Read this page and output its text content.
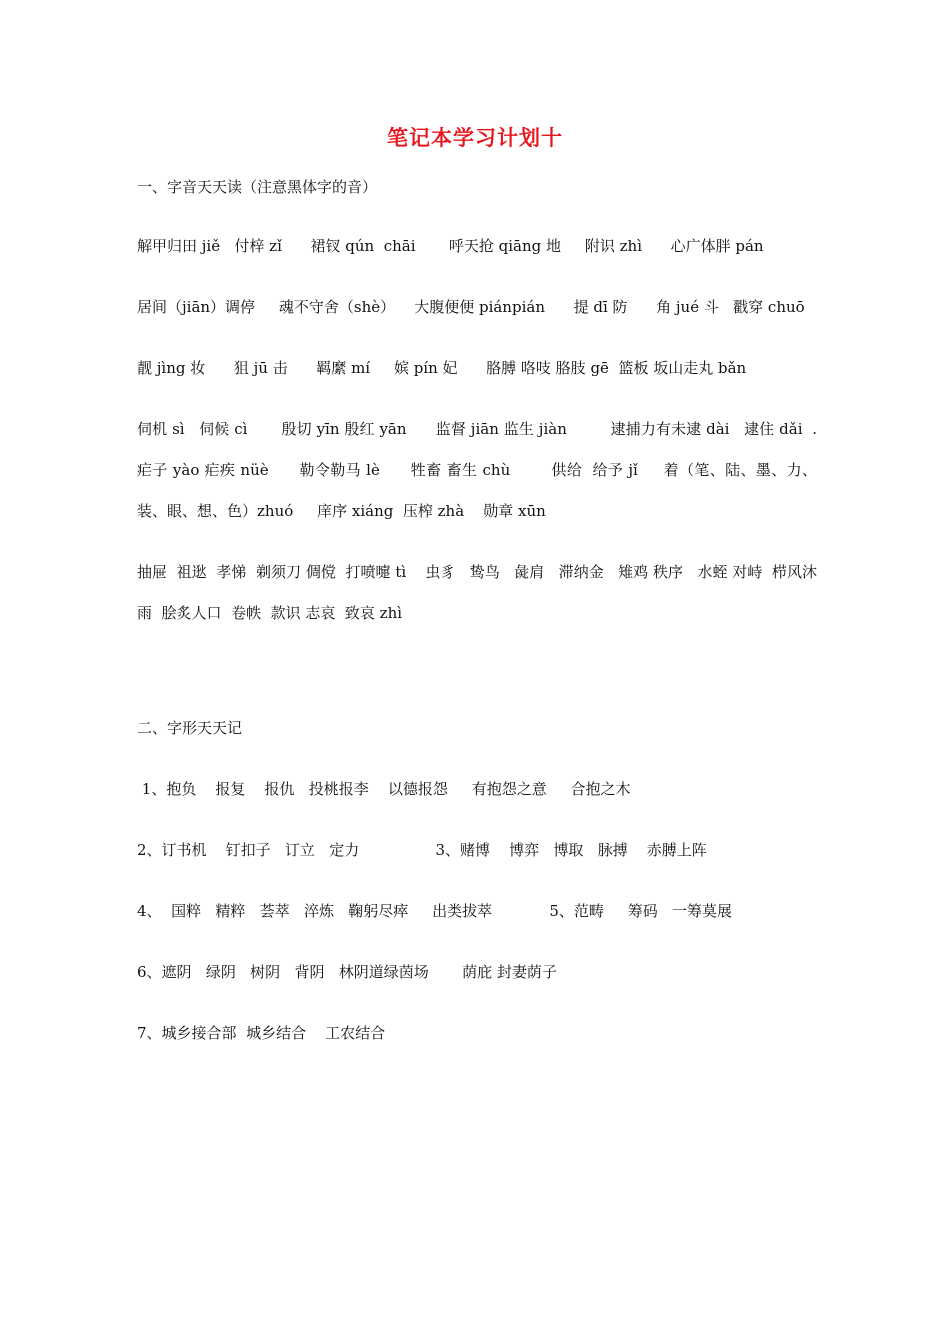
笔记本学习计划十

一、字音天天读（注意黑体字的音）

解甲归田 jiě   付梓 zǐ      裙钗 qún  chāi       呼天抢 qiāng 地     附识 zhì      心广体胖 pán

居间（jiān）调停     魂不守舍（shè）    大腹便便 piánpián      提 dī 防      角 jué 斗   戳穿 chuō

靓 jìng 妆      狙 jū 击      羁縻 mí     嫔 pín 妃      胳膊 咯吱 胳肢 gē  篮板 坂山走丸 bǎn

伺机 sì   伺候 cì       殷切 yīn 殷红 yān      监督 jiān 监生 jiàn         逮捕力有未逮 dài   逮住 dǎi  . 疟子 yào 疟疾 nüè      勒令勒马 lè      牲畜 畜生 chù        供给  给予 jǐ     着（笔、陆、墨、力、装、眼、想、色）zhuó     庠序 xiáng  压榨 zhà    勋章 xūn

抽屉  祖逖  孝悌  剃须刀 倜傥  打喷嚏 tì    虫豸   鸷鸟   彘肩   滞纳金   雉鸡 秩序   水蛭 对峙  栉风沐雨  脍炙人口  卷帙  款识 志哀  致哀 zhì

二、字形天天记

1、抱负    报复    报仇   投桃报李    以德报怨     有抱怨之意     合抱之木

2、订书机    钉扣子   订立   定力                3、赌博    博弈   博取   脉搏    赤膊上阵

4、  国粹   精粹   荟萃   淬炼   鞠躬尽瘁     出类拔萃            5、范畴     筹码   一筹莫展

6、遮阴   绿阴   树阴   背阴   林阴道绿茵场       荫庇 封妻荫子

7、城乡接合部  城乡结合    工农结合
